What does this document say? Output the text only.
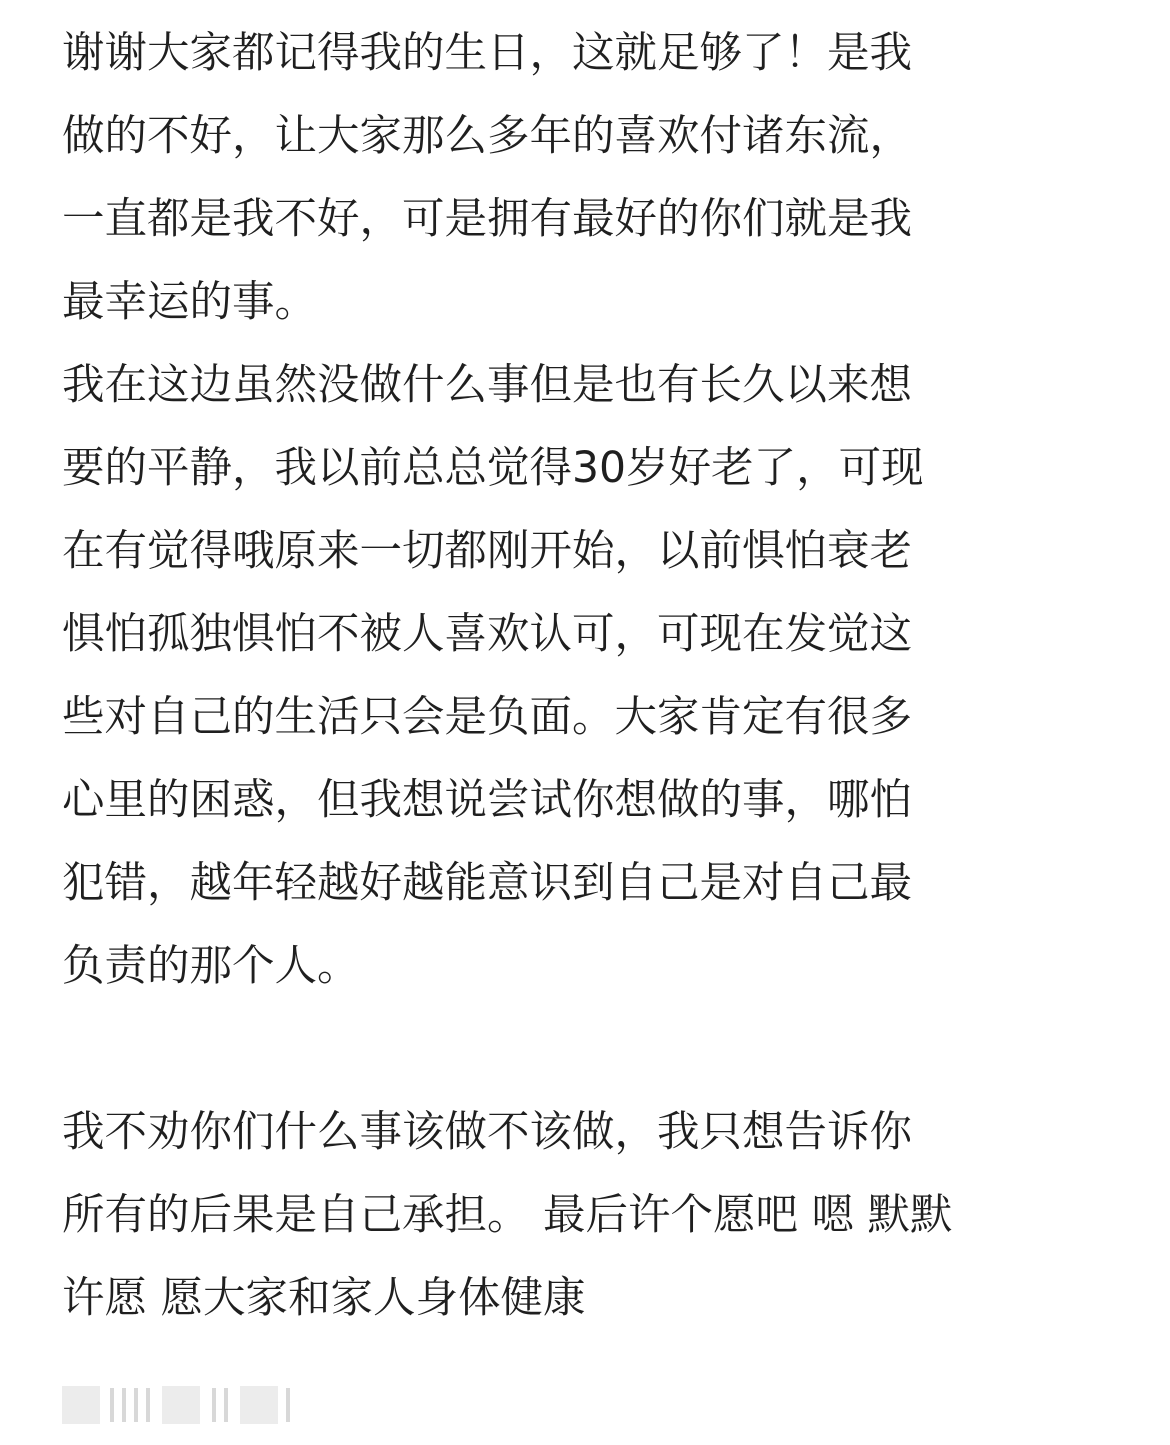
谢谢大家都记得我的生日，这就足够了！是我
做的不好，让大家那么多年的喜欢付诸东流，
一直都是我不好，可是拥有最好的你们就是我
最幸运的事。
我在这边虽然没做什么事但是也有长久以来想
要的平静，我以前总总觉得30岁好老了，可现
在有觉得哦原来一切都刚开始，以前惧怕衰老
惧怕孤独惧怕不被人喜欢认可，可现在发觉这
些对自己的生活只会是负面。大家肯定有很多
心里的困惑，但我想说尝试你想做的事，哪怕
犯错，越年轻越好越能意识到自己是对自己最
负责的那个人。
我不劝你们什么事该做不该做，我只想告诉你
所有的后果是自己承担。 最后许个愿吧 嗯 默默
许愿 愿大家和家人身体健康
